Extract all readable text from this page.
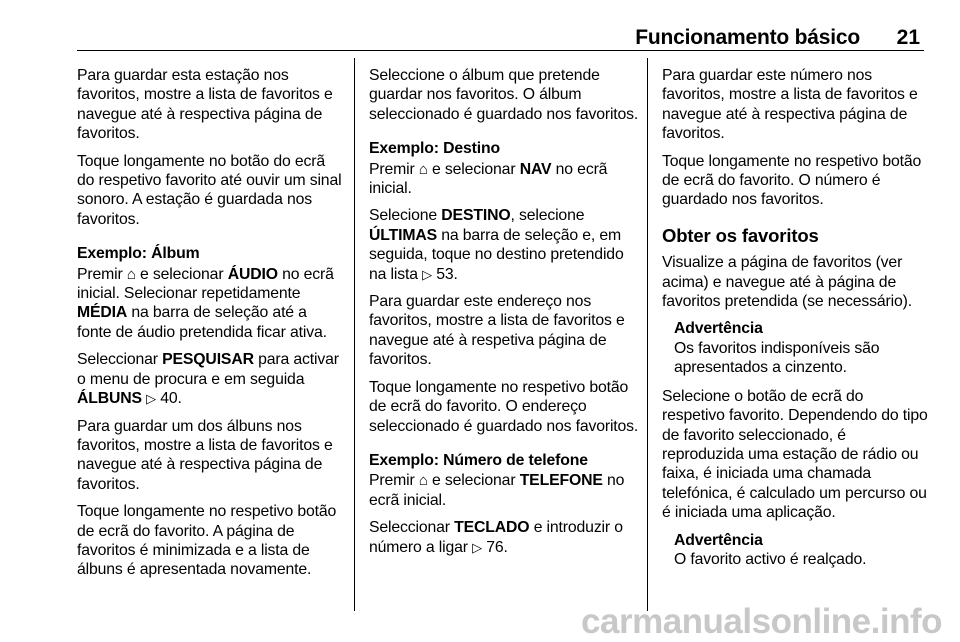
Funcionamento básico 21

Para guardar esta estação nos favoritos, mostre a lista de favoritos e navegue até à respectiva página de favoritos.

Toque longamente no botão do ecrã do respetivo favorito até ouvir um sinal sonoro. A estação é guardada nos favoritos.

Exemplo: Álbum

Premir ⌂ e selecionar ÁUDIO no ecrã inicial. Selecionar repetidamente MÉDIA na barra de seleção até a fonte de áudio pretendida ficar ativa.

Seleccionar PESQUISAR para activar o menu de procura e em seguida ÁLBUNS ▷ 40.

Para guardar um dos álbuns nos favoritos, mostre a lista de favoritos e navegue até à respectiva página de favoritos.

Toque longamente no respetivo botão de ecrã do favorito. A página de favoritos é minimizada e a lista de álbuns é apresentada novamente.

Seleccione o álbum que pretende guardar nos favoritos. O álbum seleccionado é guardado nos favoritos.

Exemplo: Destino

Premir ⌂ e selecionar NAV no ecrã inicial.

Selecione DESTINO, selecione ÚLTIMAS na barra de seleção e, em seguida, toque no destino pretendido na lista ▷ 53.

Para guardar este endereço nos favoritos, mostre a lista de favoritos e navegue até à respetiva página de favoritos.

Toque longamente no respetivo botão de ecrã do favorito. O endereço seleccionado é guardado nos favoritos.

Exemplo: Número de telefone

Premir ⌂ e selecionar TELEFONE no ecrã inicial.

Seleccionar TECLADO e introduzir o número a ligar ▷ 76.

Para guardar este número nos favoritos, mostre a lista de favoritos e navegue até à respectiva página de favoritos.

Toque longamente no respetivo botão de ecrã do favorito. O número é guardado nos favoritos.

Obter os favoritos

Visualize a página de favoritos (ver acima) e navegue até à página de favoritos pretendida (se necessário).

Advertência
Os favoritos indisponíveis são apresentados a cinzento.

Selecione o botão de ecrã do respetivo favorito. Dependendo do tipo de favorito seleccionado, é reproduzida uma estação de rádio ou faixa, é iniciada uma chamada telefónica, é calculado um percurso ou é iniciada uma aplicação.

Advertência
O favorito activo é realçado.
carmanualsonline.info
